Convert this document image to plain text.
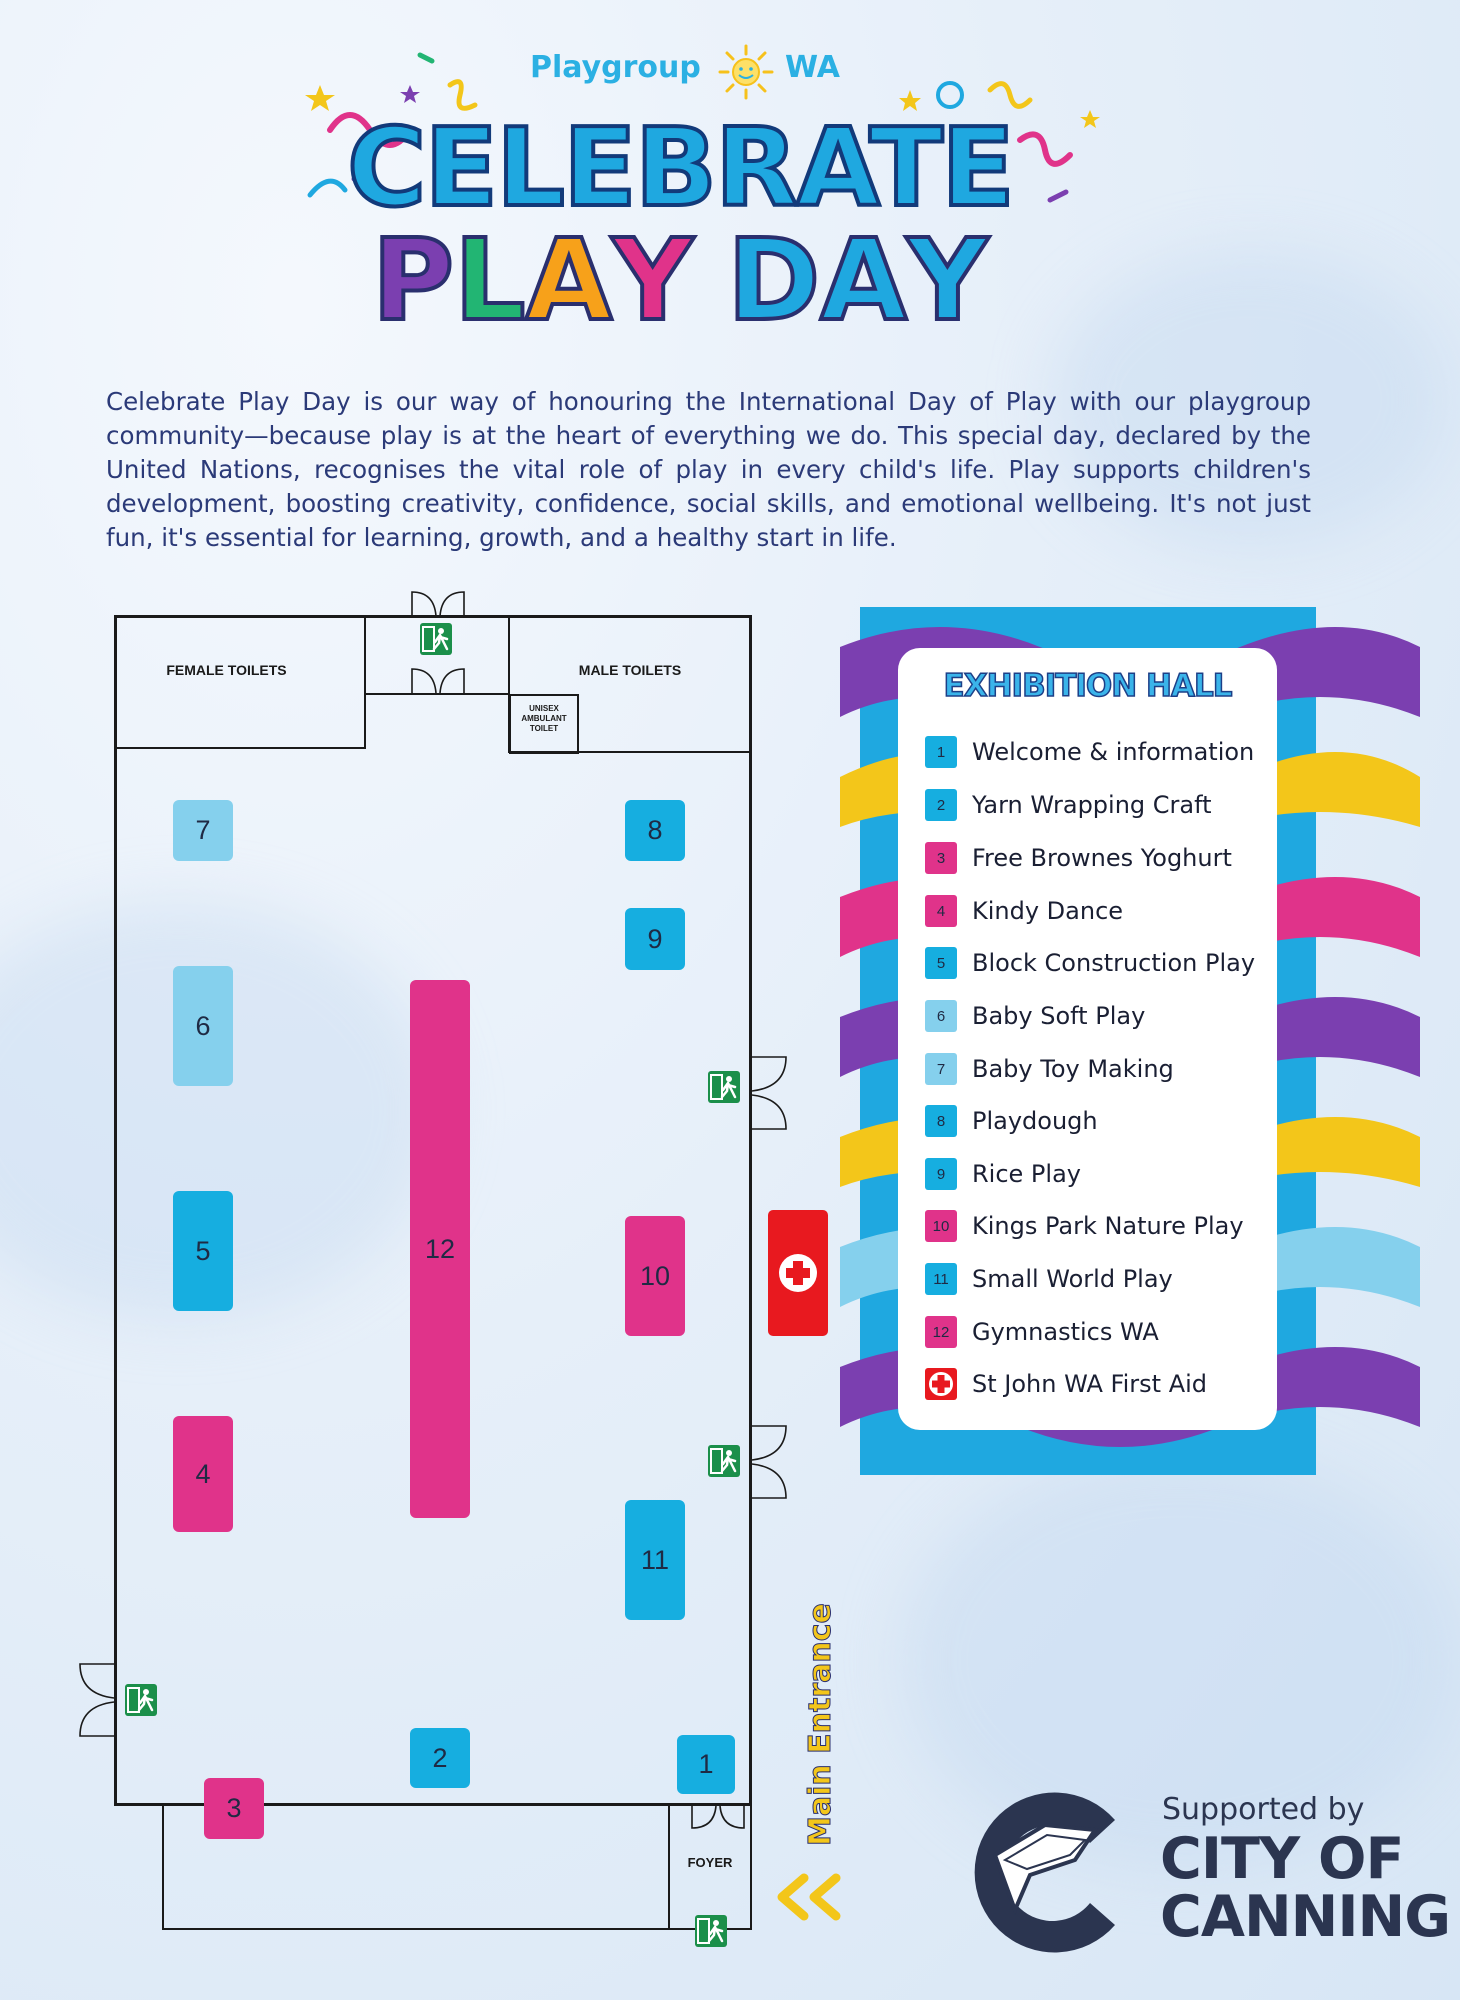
Playgroup	WA
CELEBRATE
PLAY DAY
Celebrate Play Day is our way of honouring the International Day of Play with our playgroup community—because play is at the heart of everything we do. This special day, declared by the United Nations, recognises the vital role of play in every child's life. Play supports children's development, boosting creativity, confidence, social skills, and emotional wellbeing. It's not just fun, it's essential for learning, growth, and a healthy start in life.
FEMALE TOILETS	MALE TOILETS
UNISEX AMBULANT TOILET
FOYER
1
2
3
4
5
6
7	8
9
10
11
12
Main Entrance
EXHIBITION HALL
1	Welcome & information
2	Yarn Wrapping Craft
3	Free Brownes Yoghurt
4	Kindy Dance
5	Block Construction Play
6	Baby Soft Play
7	Baby Toy Making
8	Playdough
9	Rice Play
10 Kings Park Nature Play
11 Small World Play
12 Gymnastics WA
St John WA First Aid
Supported by
CITY OF
CANNING
